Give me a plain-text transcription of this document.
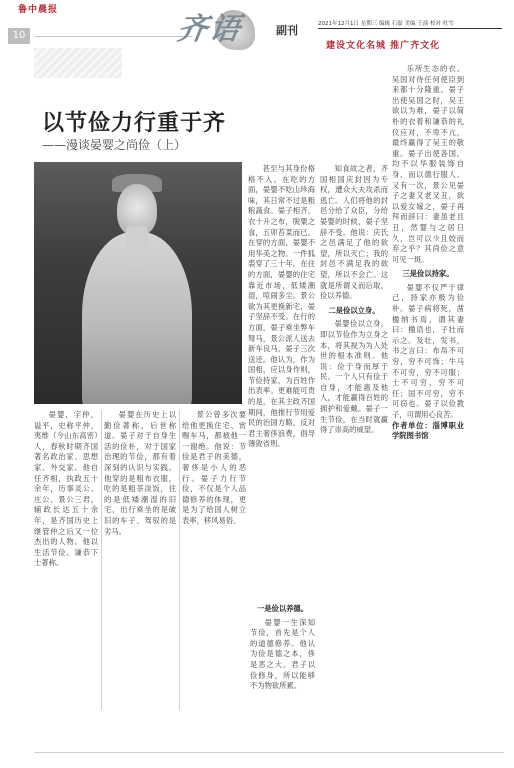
鲁中晨报
10	齐语	副刊	2021年12月1日 星期三 编辑 石磊 美编 王演 校对 杜雪
建设文化名城 推广齐文化
以节俭力行重于齐
——漫谈晏婴之尚俭（上）

晏婴，字仲，谥平，史称平仲，夷维（今山东高密）人，春秋时期齐国著名政治家、思想家、外交家。他自任齐相，执政五十余年，历事灵公、庄公、景公三君，辅政长达五十余年，是齐国历史上继管仲之后又一位杰出的人物。他以生活节俭、谦恭下士著称。

晏婴在历史上以勤俭著称，后世称道。晏子对于自身生活的俭朴，对于国家治理的节俭，都有着深刻的认识与实践。他穿的是粗布衣服，吃的是粗茶淡饭，住的是低矮潮湿的旧宅，出行乘坐的是破旧的车子、驾驭的是劣马。

景公曾多次要给他更换住宅、赏赐车马，都被他一一谢绝。他说：节俭是君子的美德，奢侈是小人的恶行。晏子力行节俭，不仅是个人品德修养的体现，更是为了给国人树立表率，移风易俗。

甚至与其身份格格不入。在吃的方面，晏婴不吃山珍海味，其日常不过是粗粮蔬食。晏子相齐，衣十升之布，脱粟之食，五卯苔菜而已。在穿的方面，晏婴不用华美之物。一件狐裘穿了三十年。在住的方面，晏婴的住宅靠近市场，低矮潮湿，喧闹多尘。景公欲为其更换新宅，晏子坚辞不受。在行的方面，晏子乘坐弊车驽马，景公派人送去新车良马，晏子三次送还。他认为，作为国相，应以身作则，节俭持家，为百姓作出表率。更难能可贵的是，在其主政齐国期间，他推行节用爱民的治国方略，反对君主奢侈浪费，倡导薄敛省刑。

一是俭以养德。

晏婴一生深知节俭，首先是个人的道德修养。他认为俭是德之本，侈是恶之大。君子以俭修身，所以能够不为物欲所累。

知食故之者，齐国相国庆封因为专权，遭众大夫攻杀而逃亡。人们将他的封邑分给了众臣，分给晏婴的时候，晏子坚辞不受。他说：庆氏之邑满足了他的欲望，所以灭亡；我的封邑不满足我的欲望，所以不会亡。这就是所谓义而后取，俭以养德。

二是俭以立身。

晏婴俭以立身，即以节俭作为立身之本，将其视为为人处世的根本准则。他说：俭于身而厚于民。一个人只有俭于自身，才能惠及他人，才能赢得百姓的拥护和爱戴。晏子一生节俭，在当时就赢得了崇高的威望。

乐所生态的衣。吴国对待任何使臣到来都十分隆重。晏子出使吴国之时，吴王欲以为难，晏子以简朴的衣着和谦恭的礼仪应对，不卑不亢，最终赢得了吴王的敬重。晏子出使各国，均不以华服装饰自身，而以德行服人。又有一次，景公见晏子之妻又老又丑，欲以爱女嫁之，晏子再拜而辞曰：妻虽老且丑，然婴与之居日久，岂可以少且姣而弃之乎？其尚俭之意可见一斑。

三是俭以持家。

晏婴不仅严于律己，持家亦极为俭朴。晏子病将死，凿楹纳书焉，谓其妻曰：楹语也，子壮而示之。及壮，发书，书之言曰：布帛不可穷，穷不可饰；牛马不可穷，穷不可服；士不可穷，穷不可任；国不可穷，穷不可窃也。晏子以俭教子，可谓用心良苦。

作者单位：淄博职业学院图书馆
